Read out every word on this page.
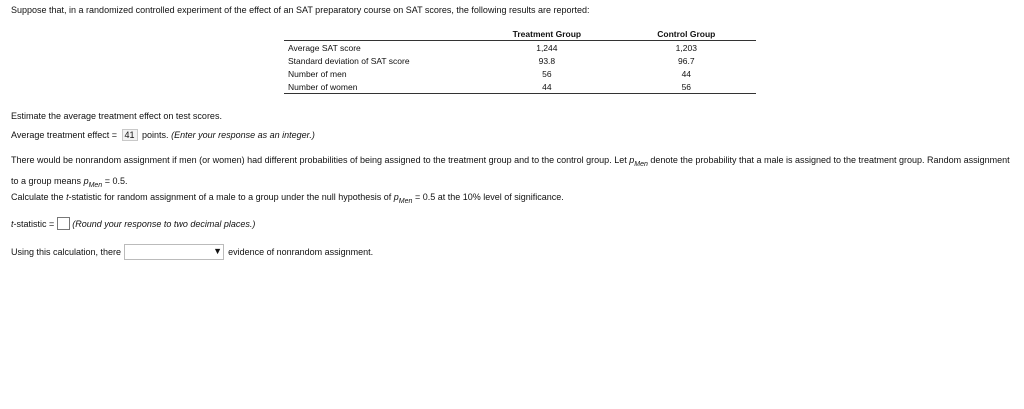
Suppose that, in a randomized controlled experiment of the effect of an SAT preparatory course on SAT scores, the following results are reported:
	Treatment Group	Control Group
Average SAT score	1,244	1,203
Standard deviation of SAT score	93.8	96.7
Number of men	56	44
Number of women	44	56
Estimate the average treatment effect on test scores.
Average treatment effect = 41 points. (Enter your response as an integer.)
There would be nonrandom assignment if men (or women) had different probabilities of being assigned to the treatment group and to the control group. Let $p_{Men}$ denote the probability that a male is assigned to the treatment group. Random assignment to a group means $p_{Men} = 0.5$.
Calculate the t-statistic for random assignment of a male to a group under the null hypothesis of $p_{Men} = 0.5$ at the 10% level of significance.
t -statistic = (Round your response to two decimal places.)
Using this calculation, there	▼ evidence of nonrandom assignment.
